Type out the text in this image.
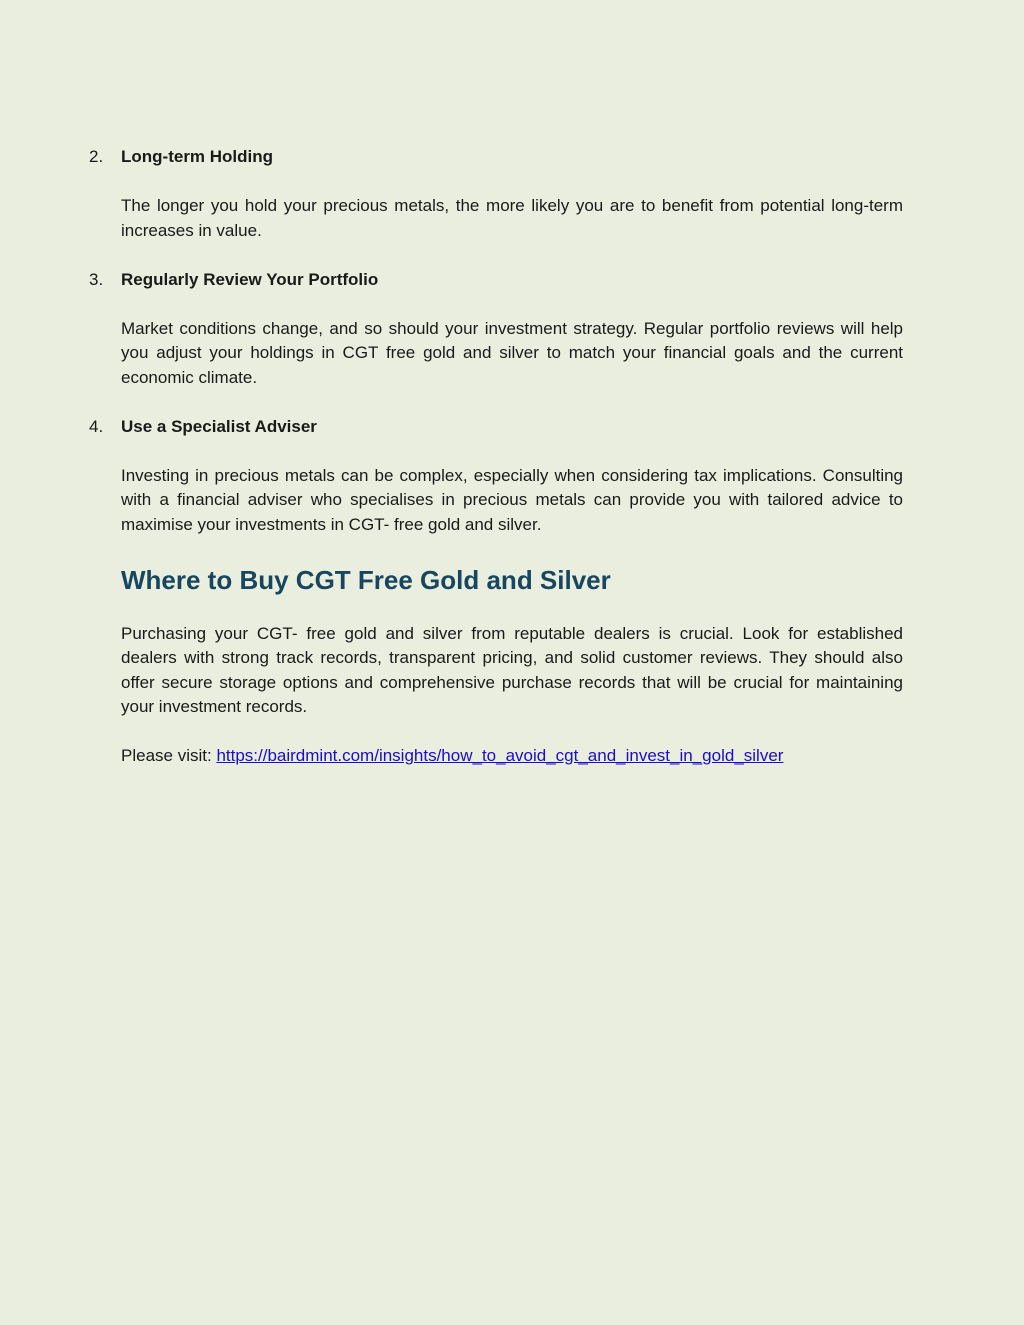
2. Long-term Holding

The longer you hold your precious metals, the more likely you are to benefit from potential long-term increases in value.

3. Regularly Review Your Portfolio

Market conditions change, and so should your investment strategy. Regular portfolio reviews will help you adjust your holdings in CGT free gold and silver to match your financial goals and the current economic climate.

4. Use a Specialist Adviser

Investing in precious metals can be complex, especially when considering tax implications. Consulting with a financial adviser who specialises in precious metals can provide you with tailored advice to maximise your investments in CGT- free gold and silver.

Where to Buy CGT Free Gold and Silver

Purchasing your CGT- free gold and silver from reputable dealers is crucial. Look for established dealers with strong track records, transparent pricing, and solid customer reviews. They should also offer secure storage options and comprehensive purchase records that will be crucial for maintaining your investment records.

Please visit: https://bairdmint.com/insights/how_to_avoid_cgt_and_invest_in_gold_silver
